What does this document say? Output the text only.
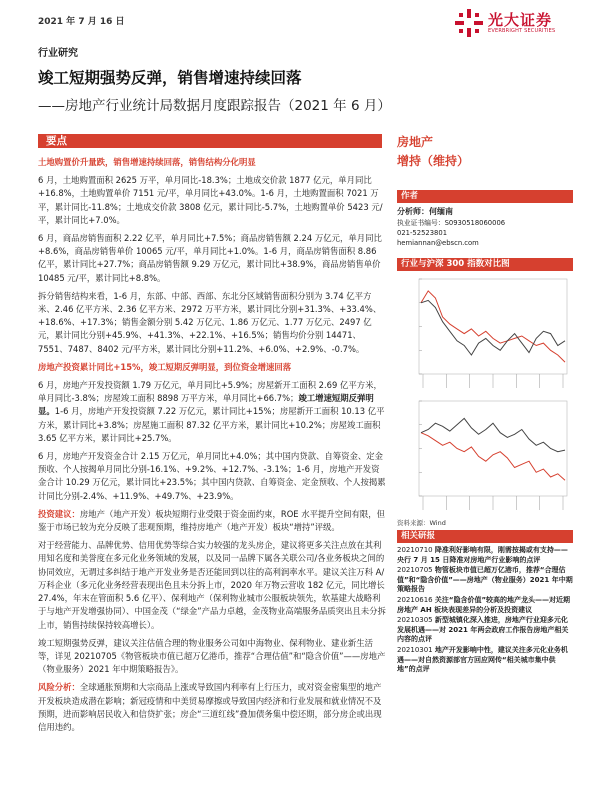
2021 年 7 月 16 日	光大证券
EVERBRIGHT SECURITIES
行业研究
竣工短期强势反弹，销售增速持续回落
——房地产行业统计局数据月度跟踪报告（2021 年 6 月）
要点

土地购置价升量跌，销售增速持续回落，销售结构分化明显

6 月，土地购置面积 2625 万平，单月同比-18.3%；土地成交价款 1877 亿元，单月同比+16.8%，土地购置单价 7151 元/平，单月同比+43.0%。1-6 月，土地购置面积 7021 万平，累计同比-11.8%；土地成交价款 3808 亿元，累计同比-5.7%，土地购置单价 5423 元/平，累计同比+7.0%。

6 月，商品房销售面积 2.22 亿平，单月同比+7.5%；商品房销售额 2.24 万亿元，单月同比+8.6%，商品房销售单价 10065 元/平，单月同比+1.0%。1-6 月，商品房销售面积 8.86 亿平，累计同比+27.7%；商品房销售额 9.29 万亿元，累计同比+38.9%，商品房销售单价 10485 元/平，累计同比+8.8%。

拆分销售结构来看，1-6 月，东部、中部、西部、东北分区域销售面积分别为 3.74 亿平方米、2.46 亿平方米、2.36 亿平方米、2972 万平方米，累计同比分别+31.3%、+33.4%、+18.6%、+17.3%；销售金额分别 5.42 万亿元、1.86 万亿元、1.77 万亿元、2497 亿元，累计同比分别+45.9%、+41.3%、+22.1%、+16.5%；销售均价分别 14471、7551、7487、8402 元/平方米，累计同比分别+11.2%、+6.0%、+2.9%、-0.7%。

房地产投资累计同比+15%，竣工短期反弹明显，到位资金增速回落

6 月，房地产开发投资额 1.79 万亿元，单月同比+5.9%；房屋新开工面积 2.69 亿平方米，单月同比-3.8%；房屋竣工面积 8898 万平方米，单月同比+66.7%；竣工增速短期反弹明显。1-6 月，房地产开发投资额 7.22 万亿元，累计同比+15%；房屋新开工面积 10.13 亿平方米，累计同比+3.8%；房屋施工面积 87.32 亿平方米，累计同比+10.2%；房屋竣工面积 3.65 亿平方米，累计同比+25.7%。

6 月，房地产开发资金合计 2.15 万亿元，单月同比+4.0%；其中国内贷款、自筹资金、定金预收、个人按揭单月同比分别-16.1%、+9.2%、+12.7%、-3.1%；1-6 月，房地产开发资金合计 10.29 万亿元，累计同比+23.5%；其中国内贷款、自筹资金、定金预收、个人按揭累计同比分别-2.4%、+11.9%、+49.7%、+23.9%。

投资建议：房地产（地产开发）板块短期行业受限于资金面约束，ROE 水平提升空间有限，但鉴于市场已较为充分反映了悲观预期，维持房地产（地产开发）板块“增持”评级。

对于经营能力、品牌优势、信用优势等综合实力较强的龙头房企，建议将更多关注点放在其利用知名度和美誉度在多元化业务领域的发展，以及同一品牌下属各关联公司/各业务板块之间的协同效应，无谓过多纠结于地产开发业务是否还能回到以往的高利润率水平。建议关注万科 A/万科企业（多元化业务经营表现出色且未分拆上市，2020 年万物云营收 182 亿元，同比增长 27.4%，年末在管面积 5.6 亿平）、保利地产（保利物业城市公服板块领先，软基建大战略利于与地产开发增强协同）、中国金茂（“绿金”产品力卓越，金茂物业高端服务品质突出且未分拆上市，销售持续保持较高增长）。

竣工短期强势反弹，建议关注估值合理的物业服务公司如中海物业、保利物业、建业新生活等，详见 20210705《物管板块市值已超万亿港币，推荐“合理估值”和“隐含价值”——房地产（物业服务）2021 年中期策略报告》。

风险分析：全球通胀预期和大宗商品上涨或导致国内利率有上行压力，或对资金密集型的地产开发板块造成潜在影响；新冠疫情和中美贸易摩擦或导致国内经济和行业发展和就业情况不及预期，进而影响居民收入和信贷扩张；房企“三道红线”叠加债务集中偿还期，部分房企或出现信用违约。

房地产
增持（维持）
作者
分析师：何缅南
执业证书编号：S0930518060006
021-52523801
hemiannan@ebscn.com
行业与沪深 300 指数对比图
资料来源：Wind
相关研报
20210710 降准利好影响有限，刚需按揭或有支持——央行 7 月 15 日降准对房地产行业影响的点评
20210705 物管板块市值已超万亿港币，推荐“合理估值”和“隐含价值”——房地产（物业服务）2021 年中期策略报告
20210616 关注“隐含价值”较高的地产龙头——对近期房地产 AH 板块表现差异的分析及投资建议
20210305 新型城镇化深入推进，房地产行业迎多元化发展机遇——对 2021 年两会政府工作报告房地产相关内容的点评
20210301 地产开发影响中性，建议关注多元化业务机遇——对自然资源部官方回应网传“相关城市集中供地”的点评
